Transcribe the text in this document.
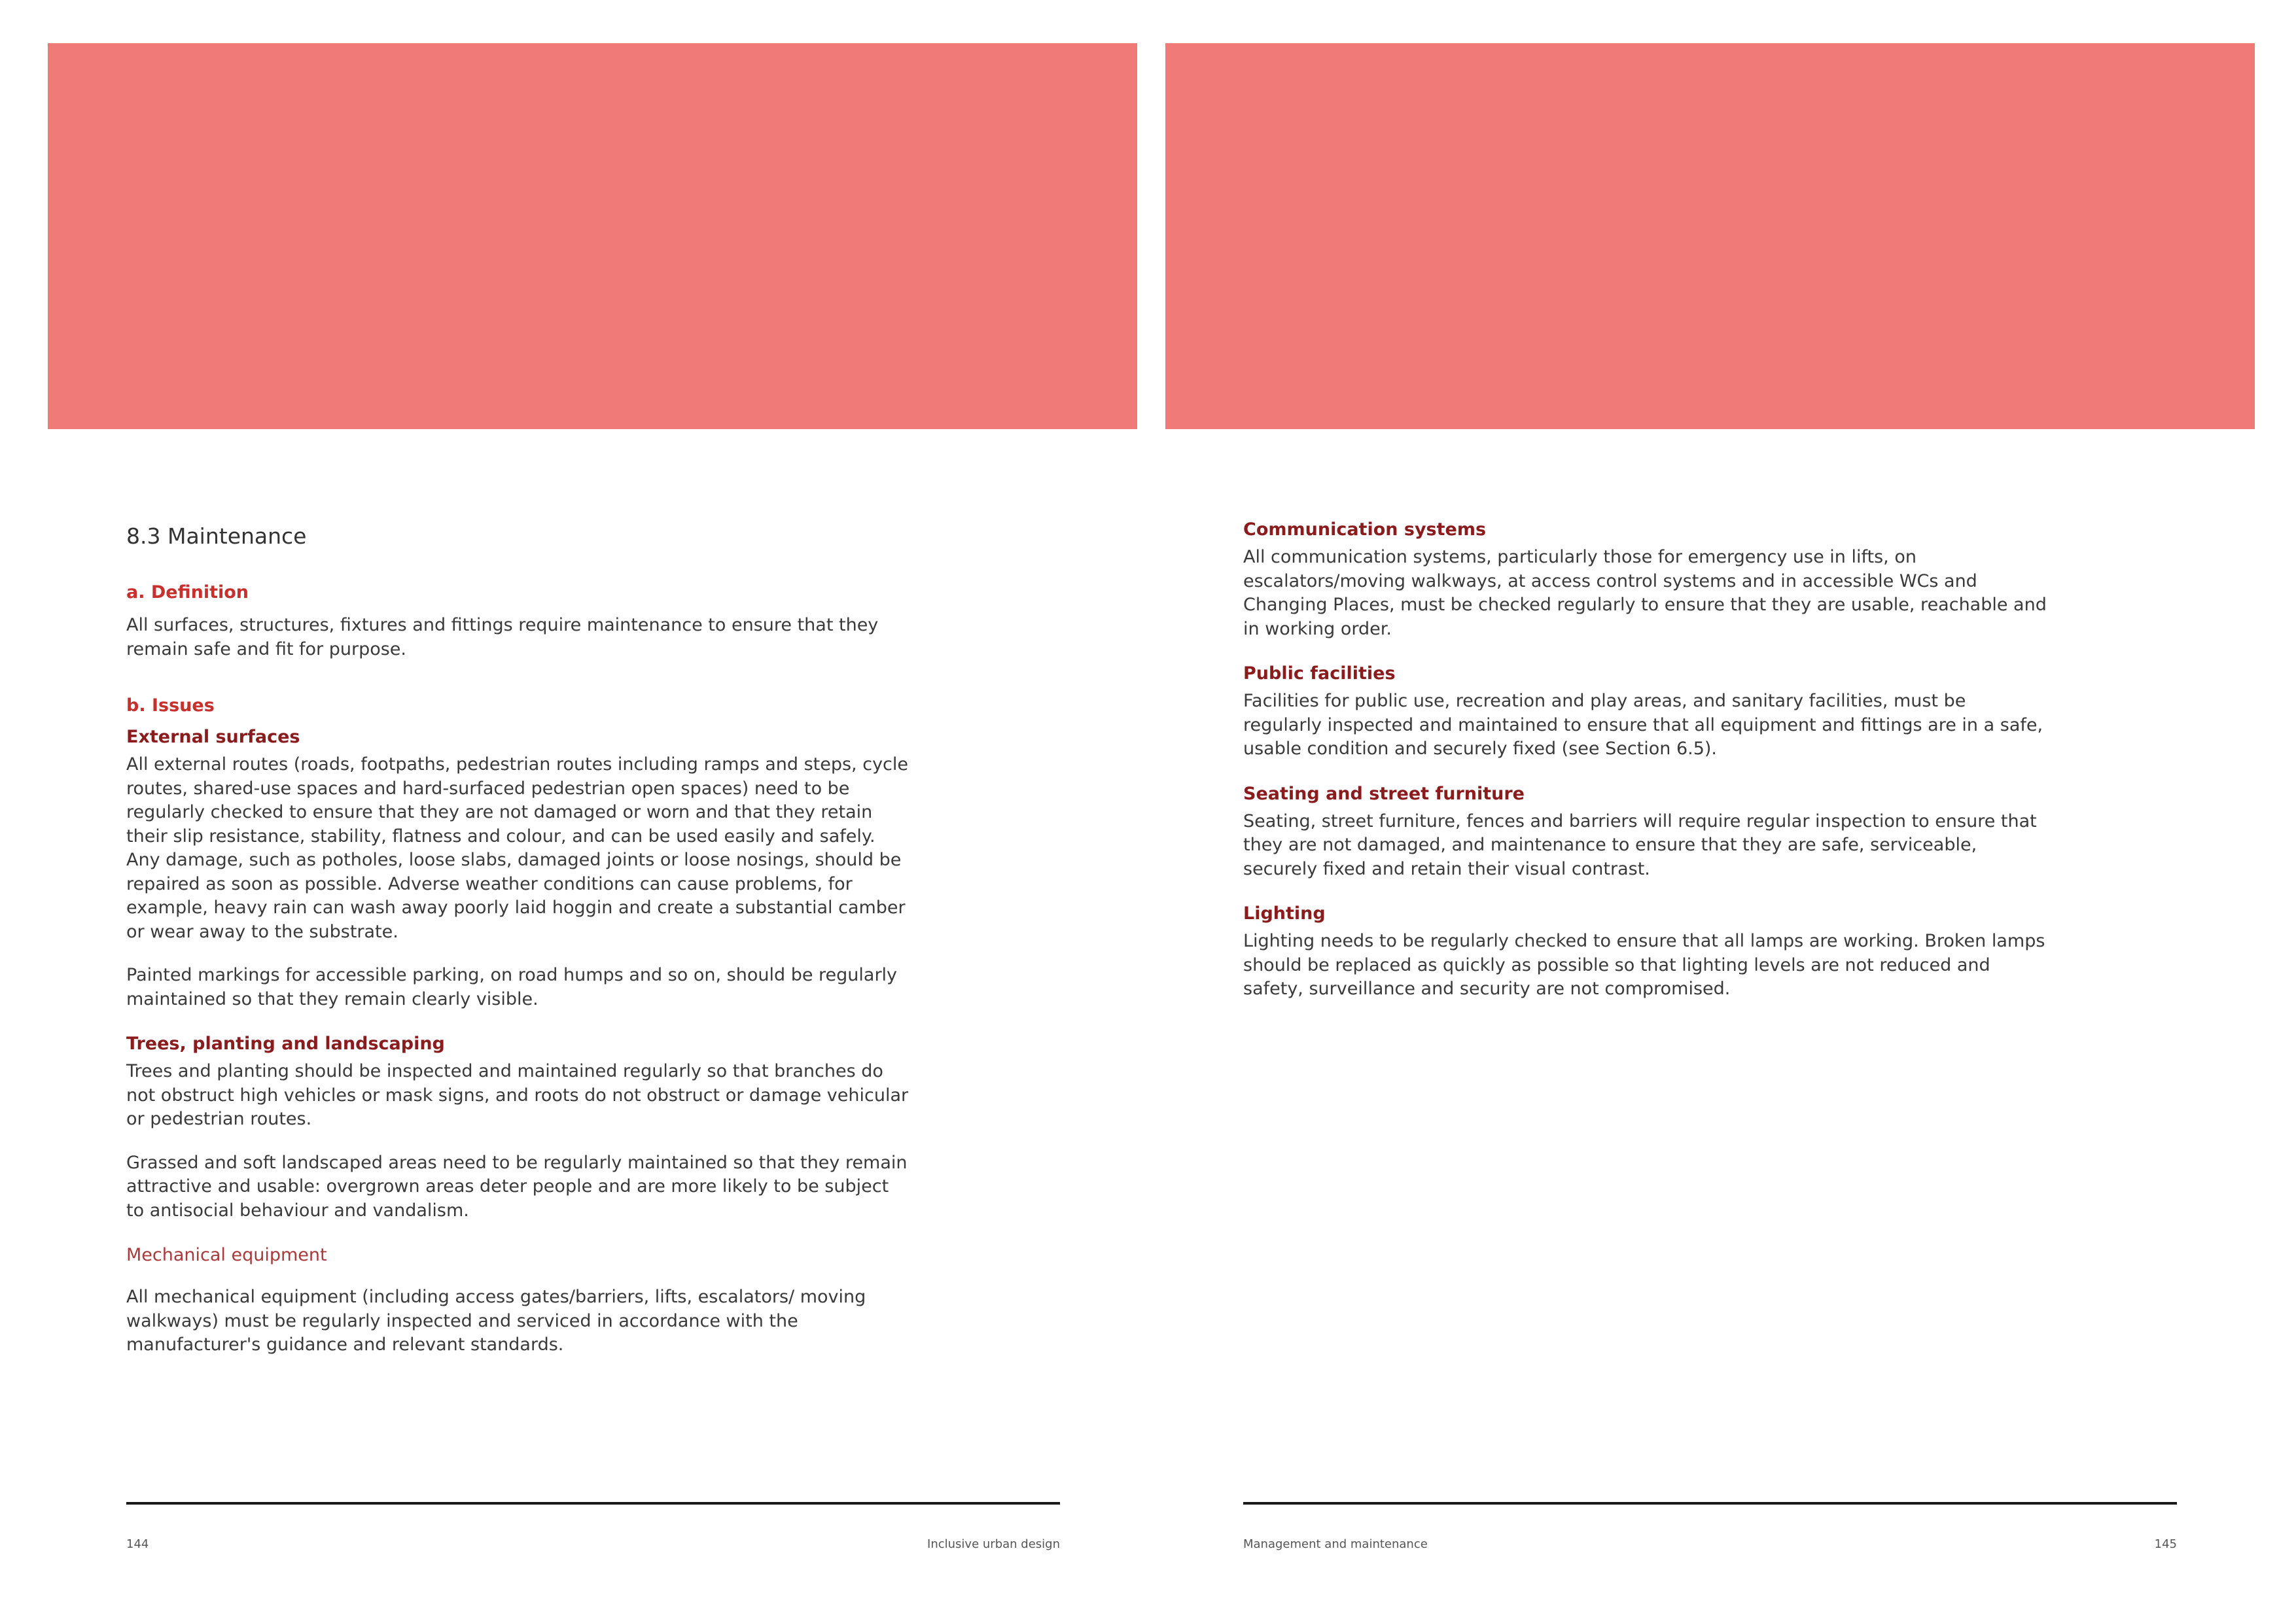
8.3 Maintenance
a. Definition

All surfaces, structures, fixtures and fittings require maintenance to ensure that they remain safe and fit for purpose.

b. Issues
External surfaces

All external routes (roads, footpaths, pedestrian routes including ramps and steps, cycle routes, shared-use spaces and hard-surfaced pedestrian open spaces) need to be regularly checked to ensure that they are not damaged or worn and that they retain their slip resistance, stability, flatness and colour, and can be used easily and safely. Any damage, such as potholes, loose slabs, damaged joints or loose nosings, should be repaired as soon as possible. Adverse weather conditions can cause problems, for example, heavy rain can wash away poorly laid hoggin and create a substantial camber or wear away to the substrate.

Painted markings for accessible parking, on road humps and so on, should be regularly maintained so that they remain clearly visible.

Trees, planting and landscaping

Trees and planting should be inspected and maintained regularly so that branches do not obstruct high vehicles or mask signs, and roots do not obstruct or damage vehicular or pedestrian routes.

Grassed and soft landscaped areas need to be regularly maintained so that they remain attractive and usable: overgrown areas deter people and are more likely to be subject to antisocial behaviour and vandalism.

Mechanical equipment

All mechanical equipment (including access gates/barriers, lifts, escalators/ moving walkways) must be regularly inspected and serviced in accordance with the manufacturer's guidance and relevant standards.

Communication systems

All communication systems, particularly those for emergency use in lifts, on escalators/moving walkways, at access control systems and in accessible WCs and Changing Places, must be checked regularly to ensure that they are usable, reachable and in working order.

Public facilities

Facilities for public use, recreation and play areas, and sanitary facilities, must be regularly inspected and maintained to ensure that all equipment and fittings are in a safe, usable condition and securely fixed (see Section 6.5).

Seating and street furniture

Seating, street furniture, fences and barriers will require regular inspection to ensure that they are not damaged, and maintenance to ensure that they are safe, serviceable, securely fixed and retain their visual contrast.

Lighting

Lighting needs to be regularly checked to ensure that all lamps are working. Broken lamps should be replaced as quickly as possible so that lighting levels are not reduced and safety, surveillance and security are not compromised.

144	Inclusive urban design	Management and maintenance	145
